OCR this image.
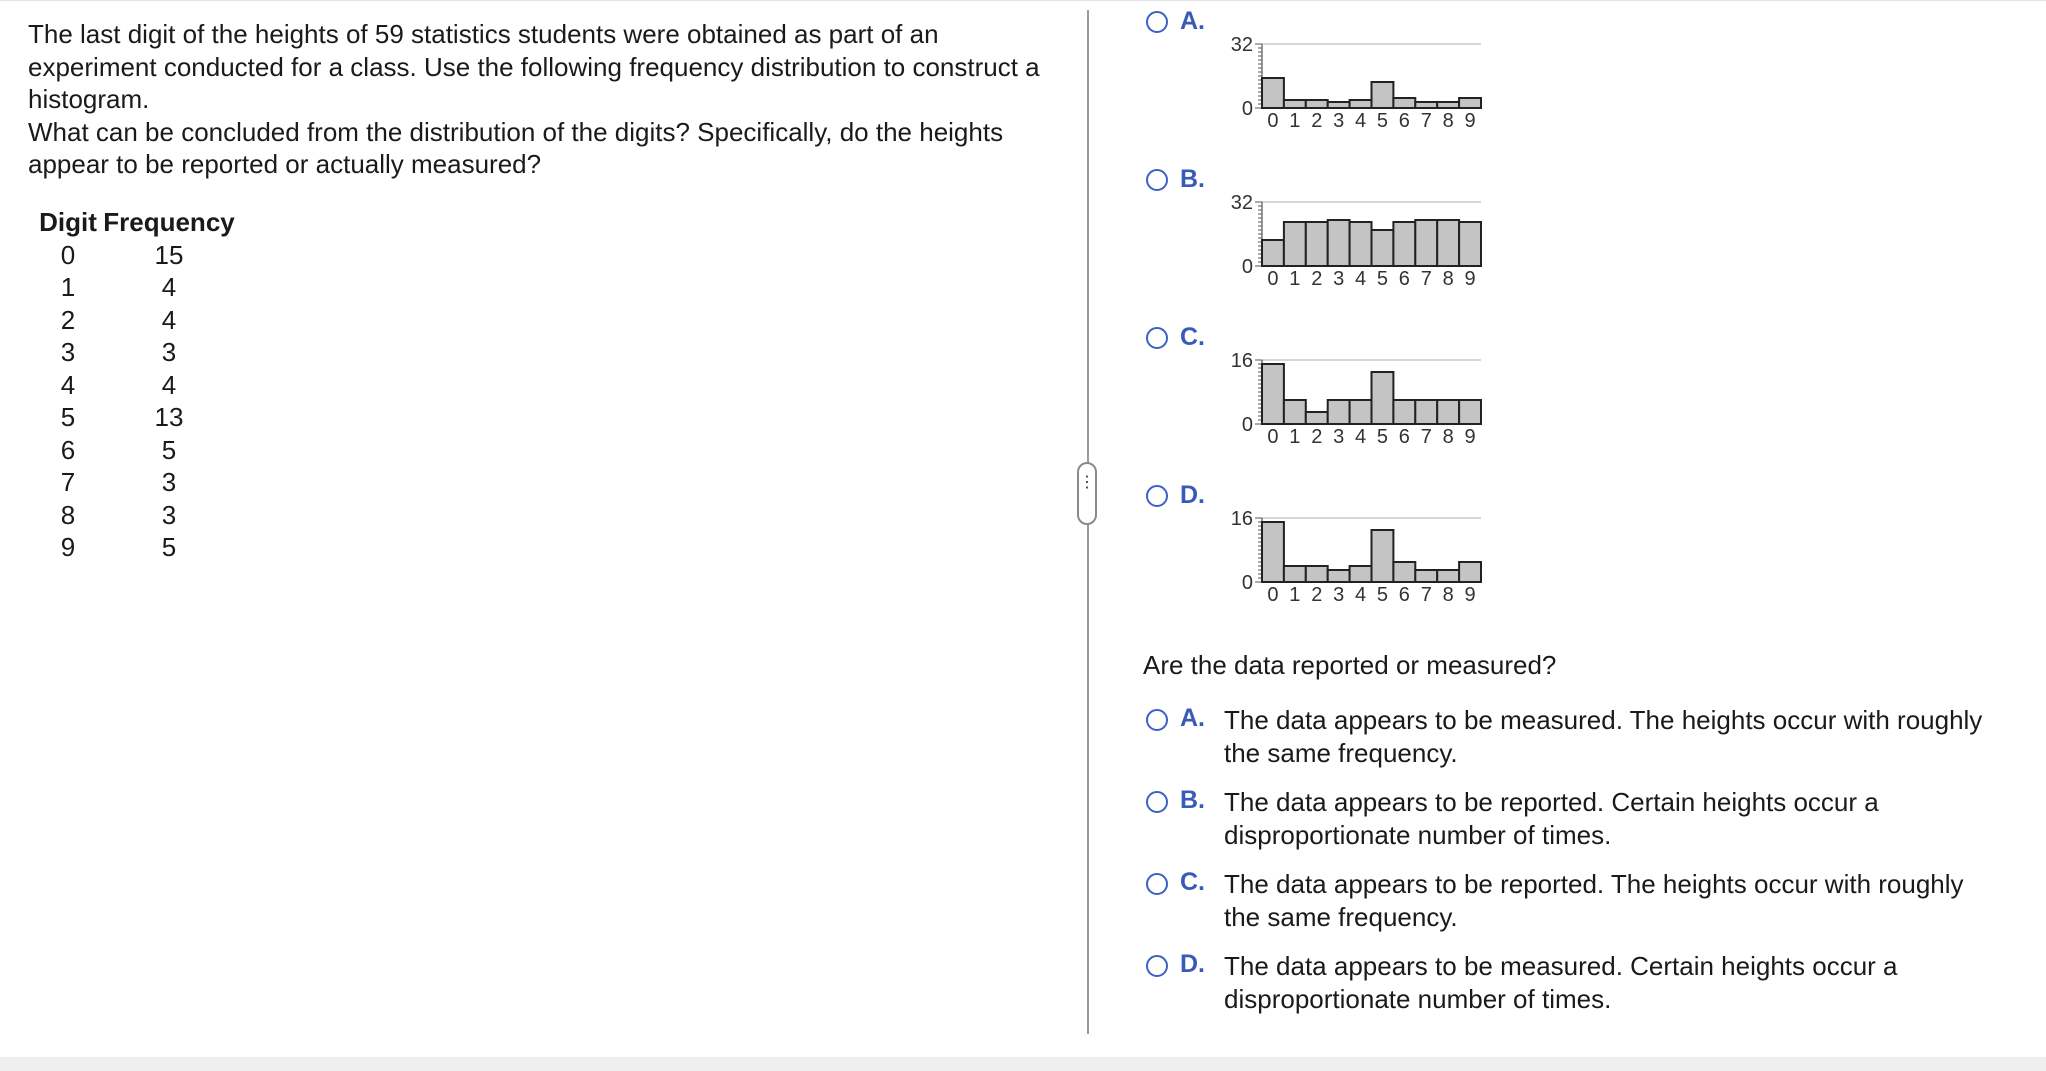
The last digit of the heights of 59 statistics students were obtained as part of an experiment conducted for a class. Use the following frequency distribution to construct a histogram.

What can be concluded from the distribution of the digits? Specifically, do the heights appear to be reported or actually measured?

Digit	Frequency
0	15
1	4
2	4
3	3
4	4
5	13
6	5
7	3
8	3
9	5
⋮
A.
32
0
0 1 2 3 4 5 6 7 8 9
B.
32
0
0 1 2 3 4 5 6 7 8 9
C.
16
0
0 1 2 3 4 5 6 7 8 9
D.
16
0
0 1 2 3 4 5 6 7 8 9

Are the data reported or measured?

A. The data appears to be measured. The heights occur with roughly the same frequency.
B. The data appears to be reported. Certain heights occur a disproportionate number of times.
C. The data appears to be reported. The heights occur with roughly the same frequency.
D. The data appears to be measured. Certain heights occur a disproportionate number of times.
